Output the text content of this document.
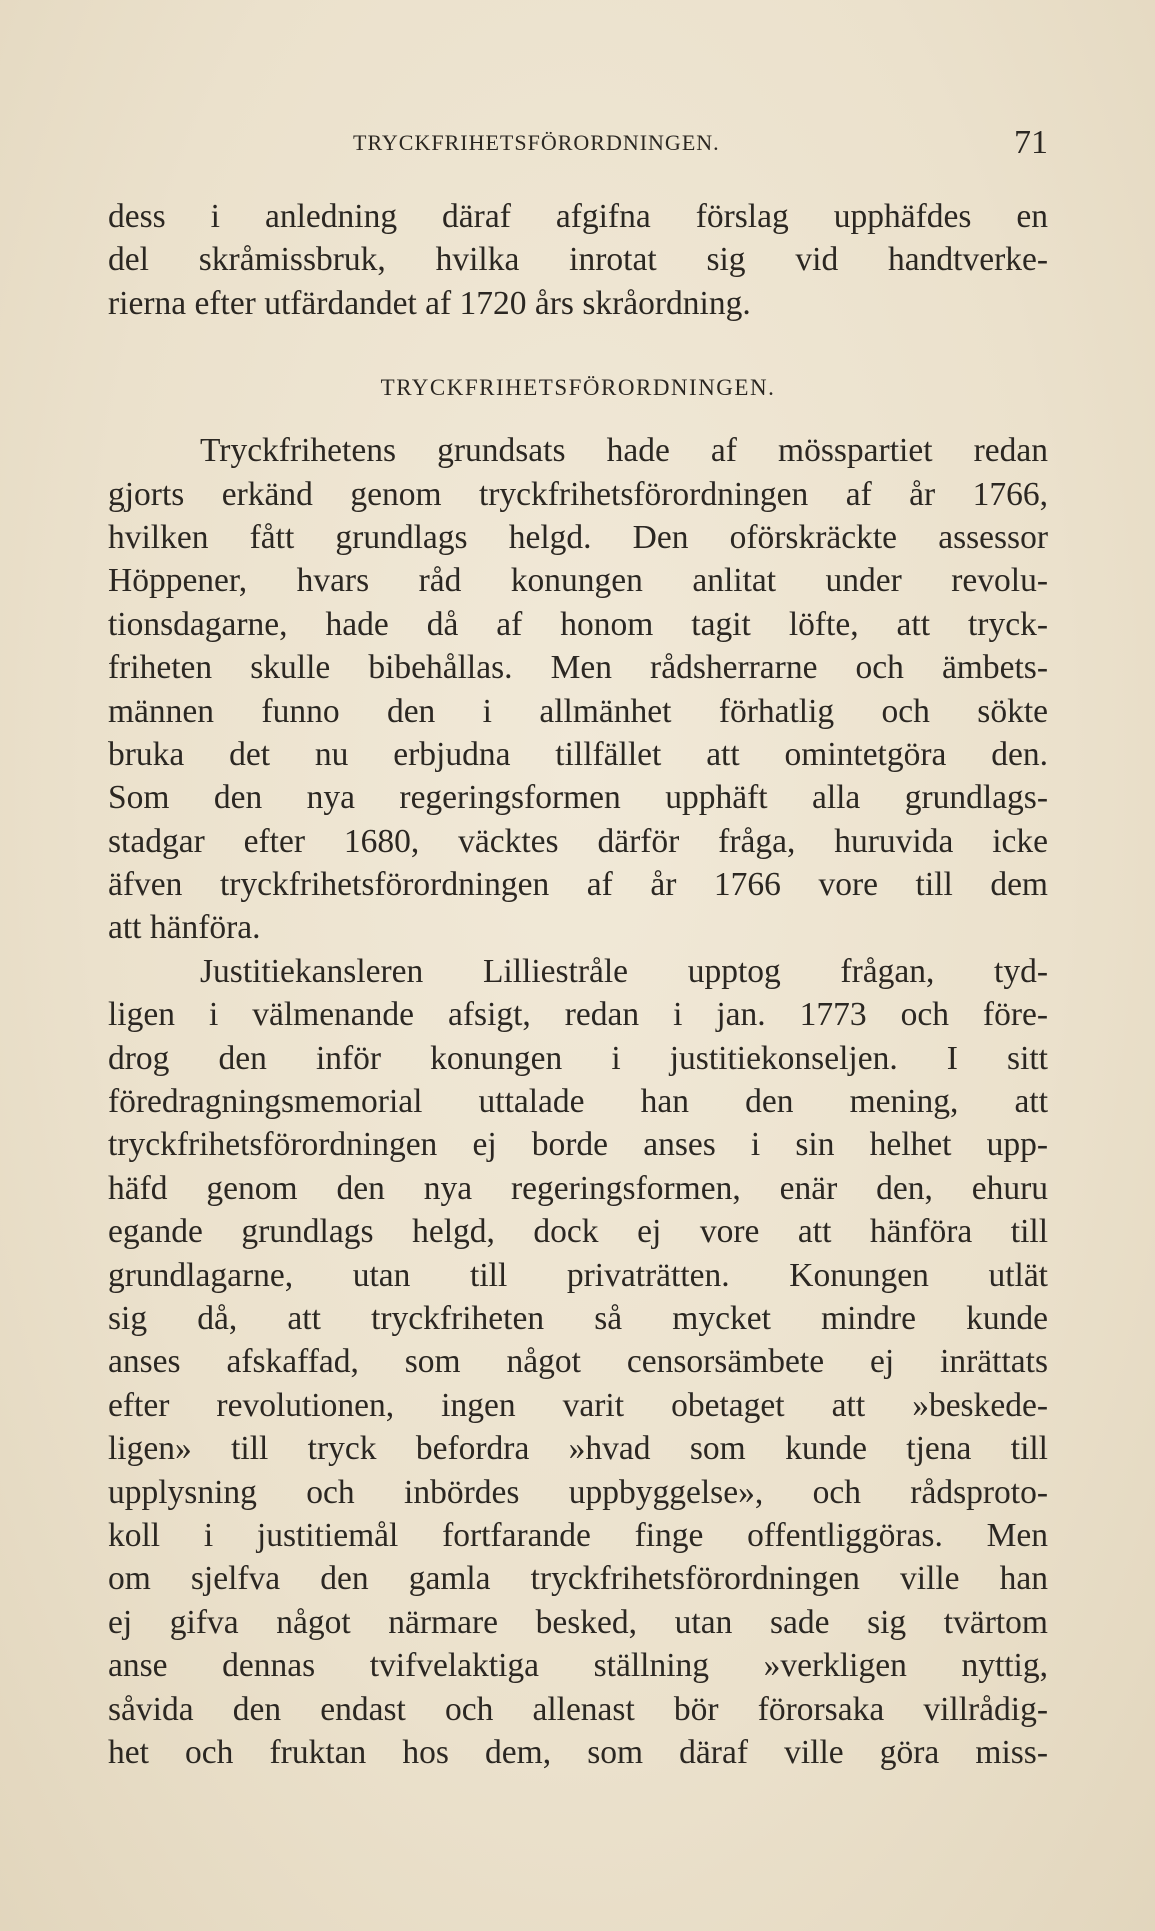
TRYCKFRIHETSFÖRORDNINGEN.	71
dess i anledning däraf afgifna förslag upphäfdes en
del skråmissbruk, hvilka inrotat sig vid handtverke-
rierna efter utfärdandet af 1720 års skråordning.
TRYCKFRIHETSFÖRORDNINGEN.
Tryckfrihetens grundsats hade af mösspartiet redan
gjorts erkänd genom tryckfrihetsförordningen af år 1766,
hvilken fått grundlags helgd. Den oförskräckte assessor
Höppener, hvars råd konungen anlitat under revolu-
tionsdagarne, hade då af honom tagit löfte, att tryck-
friheten skulle bibehållas. Men rådsherrarne och ämbets-
männen funno den i allmänhet förhatlig och sökte
bruka det nu erbjudna tillfället att omintetgöra den.
Som den nya regeringsformen upphäft alla grundlags-
stadgar efter 1680, väcktes därför fråga, huruvida icke
äfven tryckfrihetsförordningen af år 1766 vore till dem
att hänföra.
Justitiekansleren Lilliestråle upptog frågan, tyd-
ligen i välmenande afsigt, redan i jan. 1773 och före-
drog den inför konungen i justitiekonseljen. I sitt
föredragningsmemorial uttalade han den mening, att
tryckfrihetsförordningen ej borde anses i sin helhet upp-
häfd genom den nya regeringsformen, enär den, ehuru
egande grundlags helgd, dock ej vore att hänföra till
grundlagarne, utan till privaträtten. Konungen utlät
sig då, att tryckfriheten så mycket mindre kunde
anses afskaffad, som något censorsämbete ej inrättats
efter revolutionen, ingen varit obetaget att »beskede-
ligen» till tryck befordra »hvad som kunde tjena till
upplysning och inbördes uppbyggelse», och rådsproto-
koll i justitiemål fortfarande finge offentliggöras. Men
om sjelfva den gamla tryckfrihetsförordningen ville han
ej gifva något närmare besked, utan sade sig tvärtom
anse dennas tvifvelaktiga ställning »verkligen nyttig,
såvida den endast och allenast bör förorsaka villrådig-
het och fruktan hos dem, som däraf ville göra miss-
